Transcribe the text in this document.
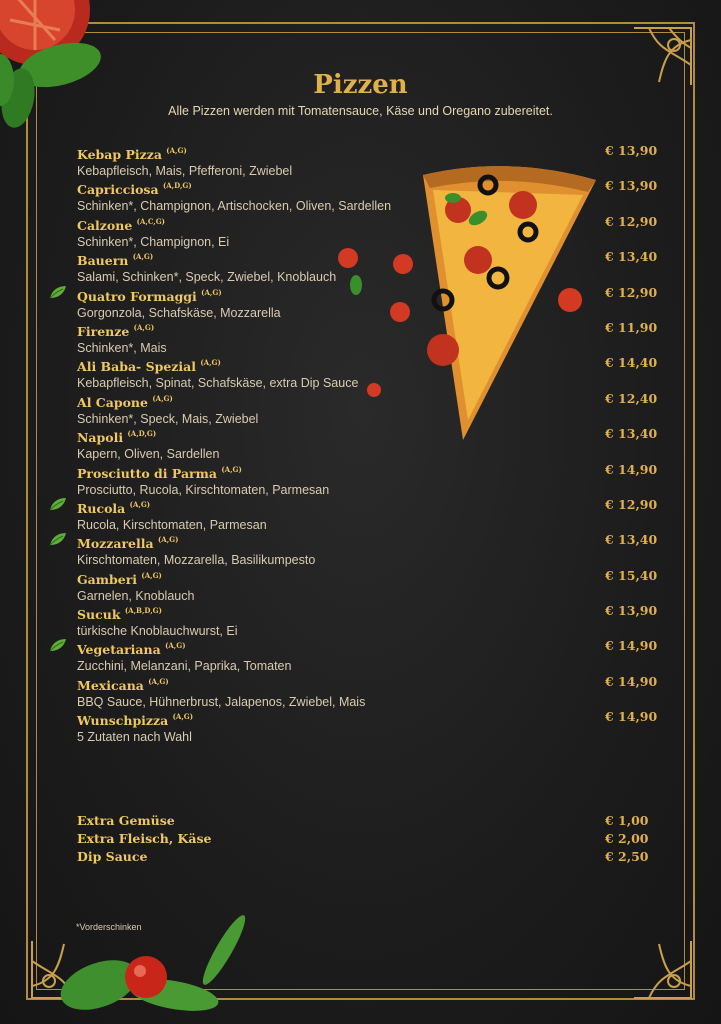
Pizzen
Alle Pizzen werden mit Tomatensauce, Käse und Oregano zubereitet.
Kebap Pizza $^{(A,G)}$
Kebapfleisch, Mais, Pfefferoni, Zwiebel
€ 13,90
Capricciosa $^{(A,D,G)}$
Schinken*, Champignon, Artischocken, Oliven, Sardellen
€ 13,90
Calzone $^{(A,C,G)}$
Schinken*, Champignon, Ei
€ 12,90
Bauern $^{(A,G)}$
Salami, Schinken*, Speck, Zwiebel, Knoblauch
€ 13,40
Quatro Formaggi $^{(A,G)}$
Gorgonzola, Schafskäse, Mozzarella
€ 12,90
Firenze $^{(A,G)}$
Schinken*, Mais
€ 11,90
Ali Baba- Spezial $^{(A,G)}$
Kebapfleisch, Spinat, Schafskäse, extra Dip Sauce
€ 14,40
Al Capone $^{(A,G)}$
Schinken*, Speck, Mais, Zwiebel
€ 12,40
Napoli $^{(A,D,G)}$
Kapern, Oliven, Sardellen
€ 13,40
Prosciutto di Parma $^{(A,G)}$
Prosciutto, Rucola, Kirschtomaten, Parmesan
€ 14,90
Rucola $^{(A,G)}$
Rucola, Kirschtomaten, Parmesan
€ 12,90
Mozzarella $^{(A,G)}$
Kirschtomaten, Mozzarella, Basilikumpesto
€ 13,40
Gamberi $^{(A,G)}$
Garnelen, Knoblauch
€ 15,40
Sucuk $^{(A,B,D,G)}$
türkische Knoblauchwurst, Ei
€ 13,90
Vegetariana $^{(A,G)}$
Zucchini, Melanzani, Paprika, Tomaten
€ 14,90
Mexicana $^{(A,G)}$
BBQ Sauce, Hühnerbrust, Jalapenos, Zwiebel, Mais
€ 14,90
Wunschpizza $^{(A,G)}$
5 Zutaten nach Wahl
€ 14,90
Extra Gemüse	€ 1,00
Extra Fleisch, Käse	€ 2,00
Dip Sauce	€ 2,50
*Vorderschinken
